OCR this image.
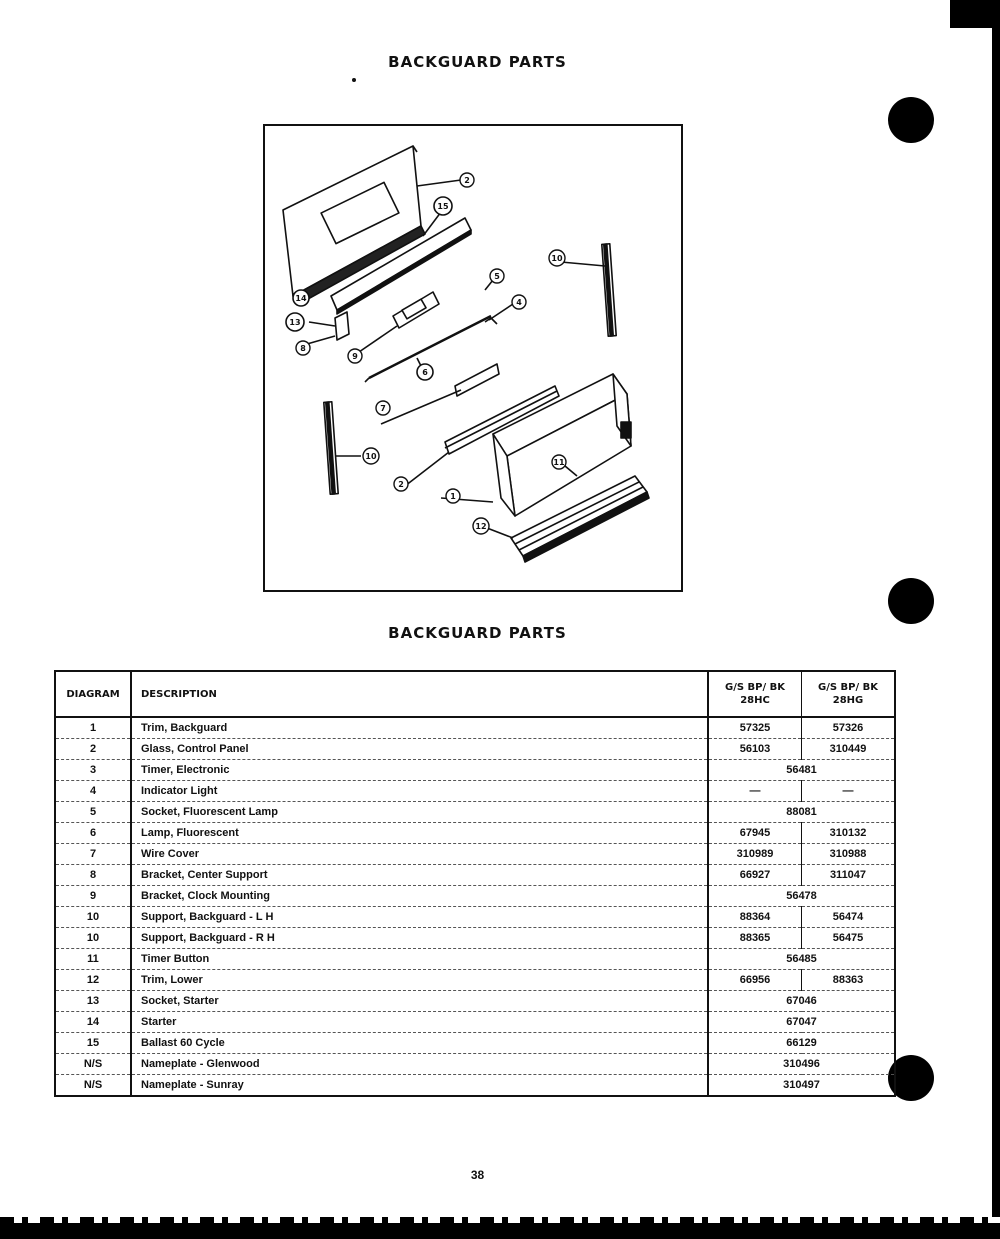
BACKGUARD PARTS
2
15
14
13
8
9
5
4
6
10
7
10
2
1
11
12
BACKGUARD PARTS
DIAGRAM	DESCRIPTION	G/S BP/ BK 28HC	G/S BP/ BK 28HG
1	Trim, Backguard	57325	57326
2	Glass, Control Panel	56103	310449
3	Timer, Electronic	56481	
4	Indicator Light	—	—
5	Socket, Fluorescent Lamp	88081	
6	Lamp, Fluorescent	67945	310132
7	Wire Cover	310989	310988
8	Bracket, Center Support	66927	311047
9	Bracket, Clock Mounting	56478	
10	Support, Backguard - L H	88364	56474
10	Support, Backguard - R H	88365	56475
11	Timer Button	56485	
12	Trim, Lower	66956	88363
13	Socket, Starter	67046	
14	Starter	67047	
15	Ballast 60 Cycle	66129	
N/S	Nameplate - Glenwood	310496	
N/S	Nameplate - Sunray	310497	
38
